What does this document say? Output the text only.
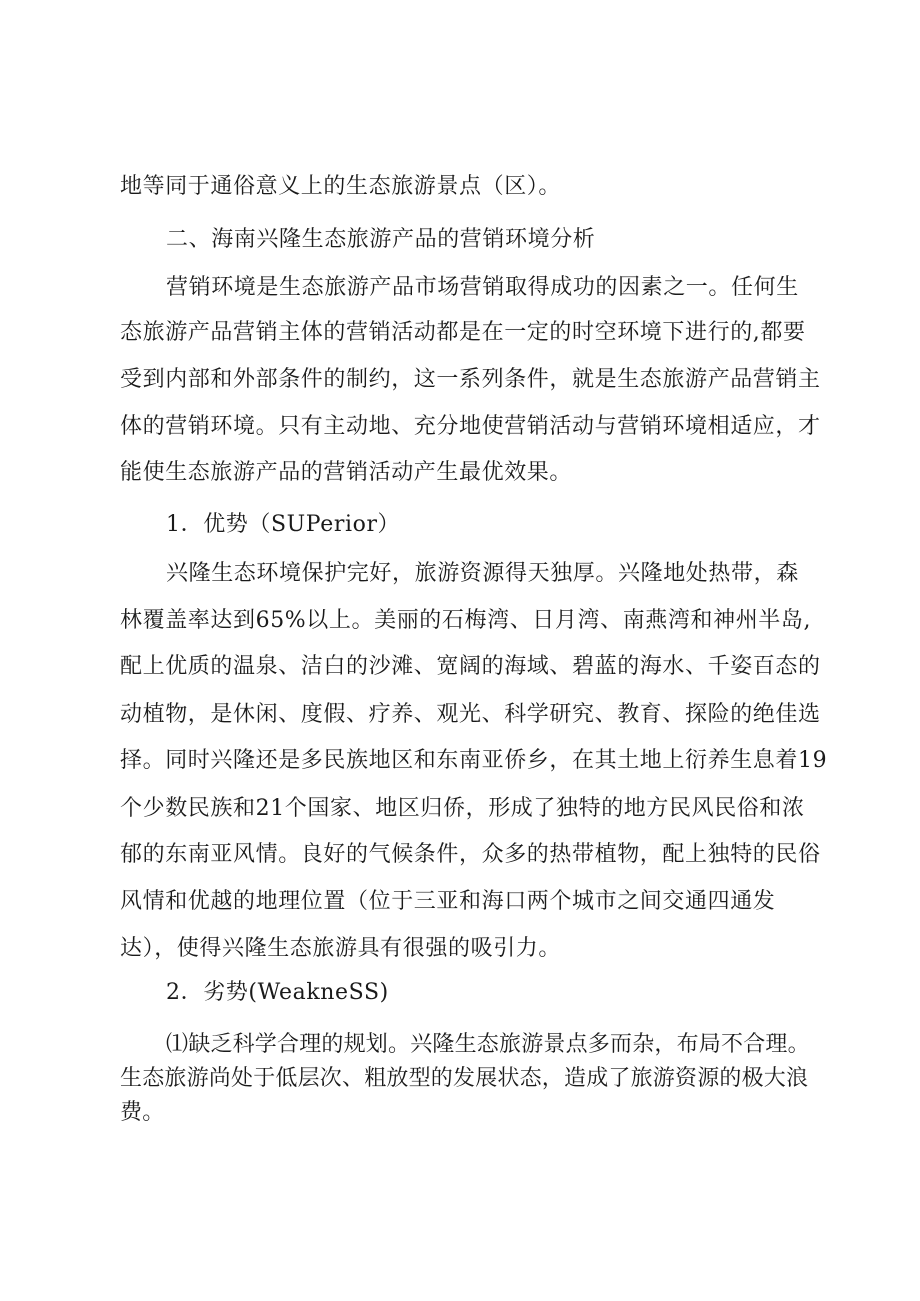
地等同于通俗意义上的生态旅游景点（区）。
二、海南兴隆生态旅游产品的营销环境分析
营销环境是生态旅游产品市场营销取得成功的因素之一。任何生
态旅游产品营销主体的营销活动都是在一定的时空环境下进行的,都要
受到内部和外部条件的制约，这一系列条件，就是生态旅游产品营销主
体的营销环境。只有主动地、充分地使营销活动与营销环境相适应，才
能使生态旅游产品的营销活动产生最优效果。
1．优势（SUPerior）
兴隆生态环境保护完好，旅游资源得天独厚。兴隆地处热带，森
林覆盖率达到65%以上。美丽的石梅湾、日月湾、南燕湾和神州半岛,
配上优质的温泉、洁白的沙滩、宽阔的海域、碧蓝的海水、千姿百态的
动植物，是休闲、度假、疗养、观光、科学研究、教育、探险的绝佳选
择。同时兴隆还是多民族地区和东南亚侨乡，在其土地上衍养生息着19
个少数民族和21个国家、地区归侨，形成了独特的地方民风民俗和浓
郁的东南亚风情。良好的气候条件，众多的热带植物，配上独特的民俗
风情和优越的地理位置（位于三亚和海口两个城市之间交通四通发
达），使得兴隆生态旅游具有很强的吸引力。
2．劣势(WeakneSS)
⑴缺乏科学合理的规划。兴隆生态旅游景点多而杂，布局不合理。
生态旅游尚处于低层次、粗放型的发展状态，造成了旅游资源的极大浪
费。
